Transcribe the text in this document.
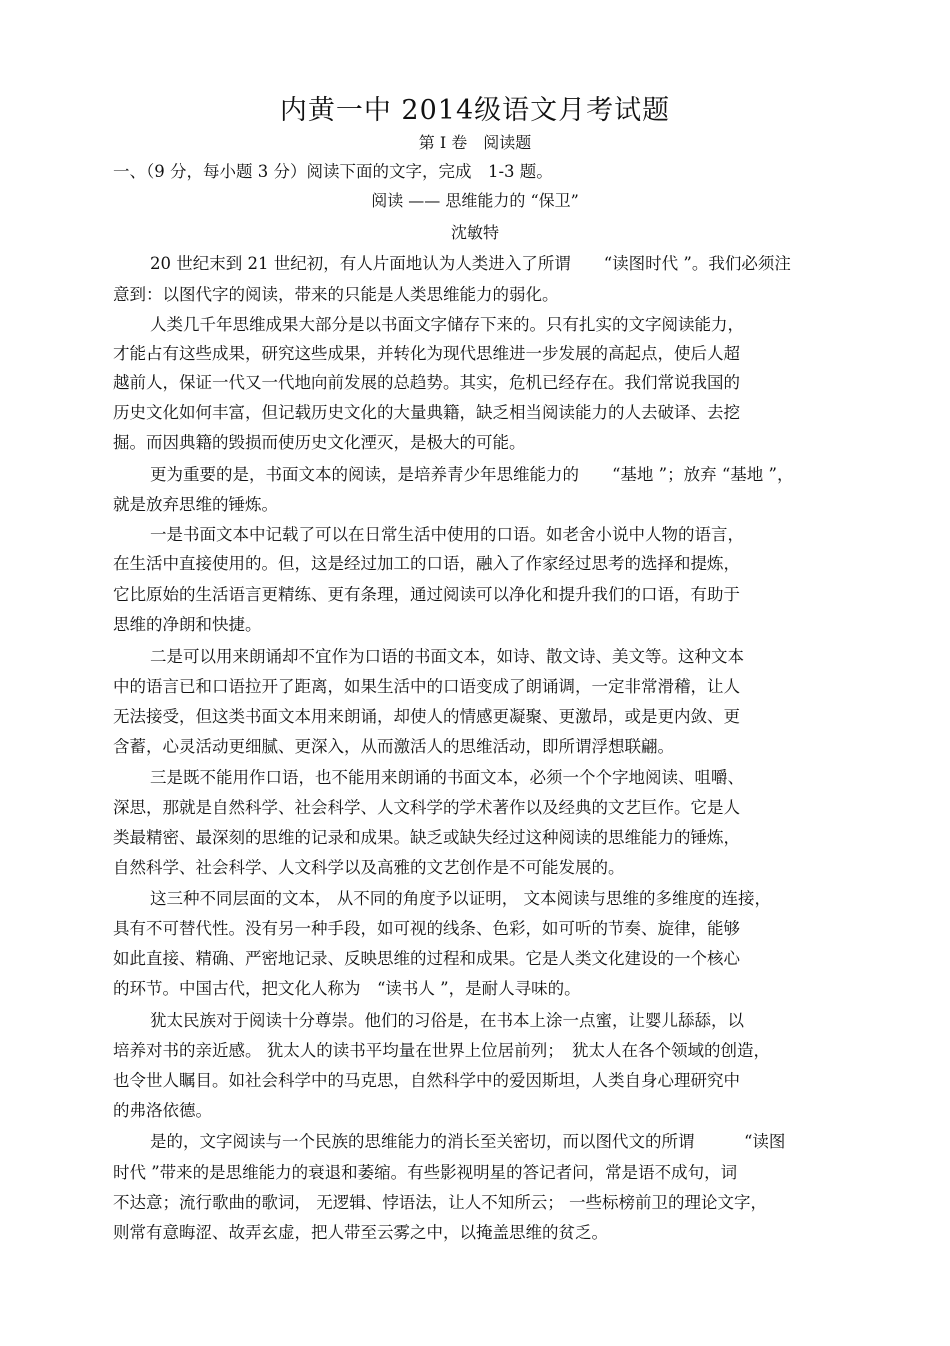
内黄一中 2014级语文月考试题
第 I 卷　阅读题
一、（9 分，每小题 3 分）阅读下面的文字，完成　1-3 题。
阅读 —— 思维能力的 “保卫”
沈敏特
20 世纪末到 21 世纪初，有人片面地认为人类进入了所谓　　“读图时代 ”。我们必须注
意到：以图代字的阅读，带来的只能是人类思维能力的弱化。
人类几千年思维成果大部分是以书面文字储存下来的。只有扎实的文字阅读能力，
才能占有这些成果，研究这些成果，并转化为现代思维进一步发展的高起点，使后人超
越前人，保证一代又一代地向前发展的总趋势。其实，危机已经存在。我们常说我国的
历史文化如何丰富，但记载历史文化的大量典籍，缺乏相当阅读能力的人去破译、去挖
掘。而因典籍的毁损而使历史文化湮灭，是极大的可能。
更为重要的是，书面文本的阅读，是培养青少年思维能力的　　“基地 ”；放弃 “基地 ”，
就是放弃思维的锤炼。
一是书面文本中记载了可以在日常生活中使用的口语。如老舍小说中人物的语言，
在生活中直接使用的。但，这是经过加工的口语，融入了作家经过思考的选择和提炼，
它比原始的生活语言更精练、更有条理，通过阅读可以净化和提升我们的口语，有助于
思维的净朗和快捷。
二是可以用来朗诵却不宜作为口语的书面文本，如诗、散文诗、美文等。这种文本
中的语言已和口语拉开了距离，如果生活中的口语变成了朗诵调，一定非常滑稽，让人
无法接受，但这类书面文本用来朗诵，却使人的情感更凝聚、更激昂，或是更内敛、更
含蓄，心灵活动更细腻、更深入，从而激活人的思维活动，即所谓浮想联翩。
三是既不能用作口语，也不能用来朗诵的书面文本，必须一个个字地阅读、咀嚼、
深思，那就是自然科学、社会科学、人文科学的学术著作以及经典的文艺巨作。它是人
类最精密、最深刻的思维的记录和成果。缺乏或缺失经过这种阅读的思维能力的锤炼，
自然科学、社会科学、人文科学以及高雅的文艺创作是不可能发展的。
这三种不同层面的文本， 从不同的角度予以证明， 文本阅读与思维的多维度的连接，
具有不可替代性。没有另一种手段，如可视的线条、色彩，如可听的节奏、旋律，能够
如此直接、精确、严密地记录、反映思维的过程和成果。它是人类文化建设的一个核心
的环节。中国古代，把文化人称为　“读书人 ”，是耐人寻味的。
犹太民族对于阅读十分尊崇。他们的习俗是，在书本上涂一点蜜，让婴儿舔舔，以
培养对书的亲近感。 犹太人的读书平均量在世界上位居前列；　犹太人在各个领域的创造，
也令世人瞩目。如社会科学中的马克思，自然科学中的爱因斯坦，人类自身心理研究中
的弗洛依德。
是的，文字阅读与一个民族的思维能力的消长至关密切，而以图代文的所谓　　　“读图
时代 ”带来的是思维能力的衰退和萎缩。有些影视明星的答记者问，常是语不成句，词
不达意；流行歌曲的歌词， 无逻辑、悖语法，让人不知所云； 一些标榜前卫的理论文字，
则常有意晦涩、故弄玄虚，把人带至云雾之中，以掩盖思维的贫乏。
